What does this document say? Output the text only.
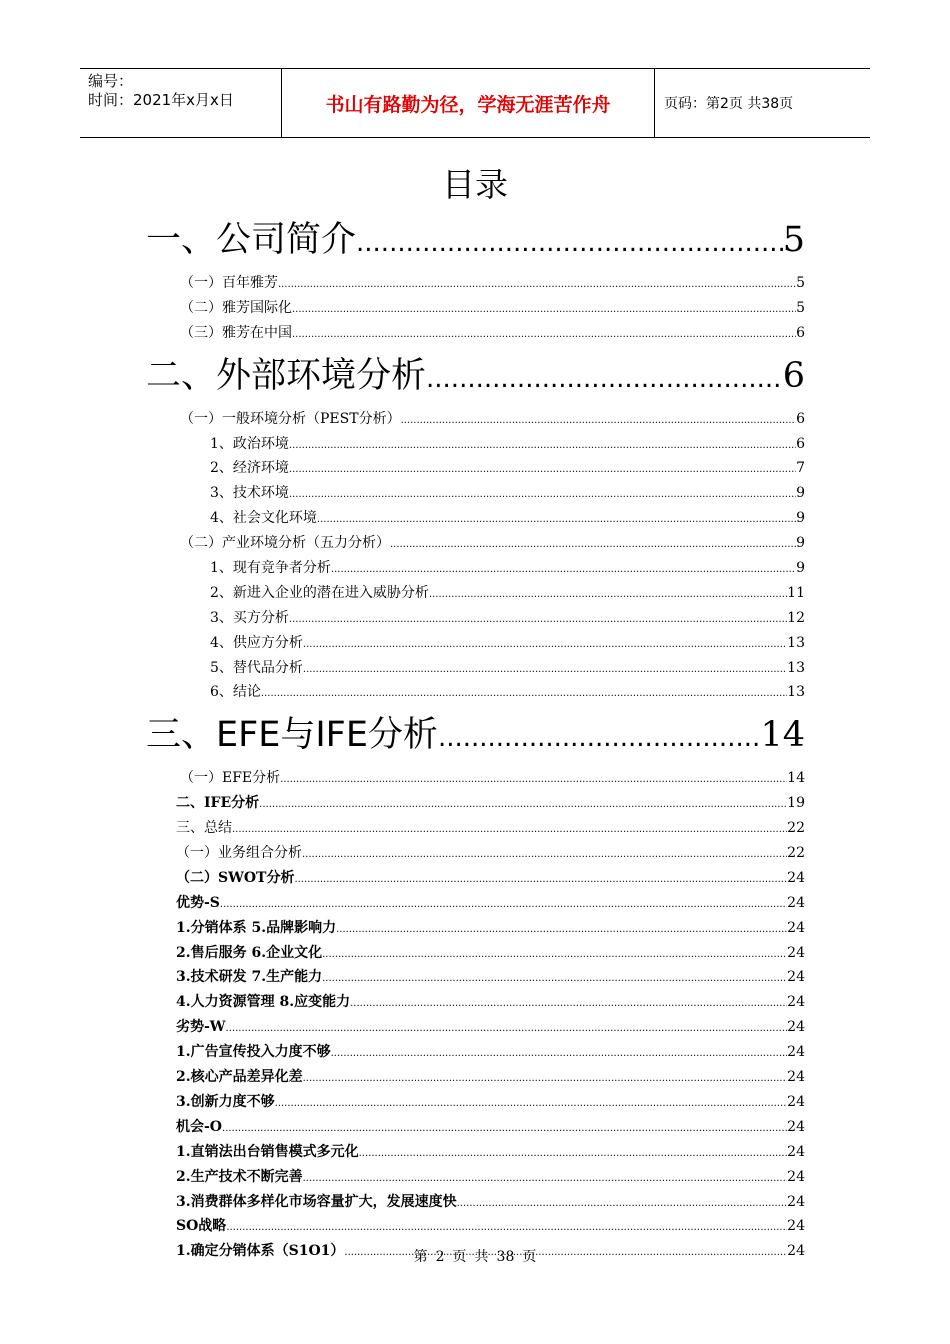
编号：
时间：2021年x月x日	书山有路勤为径，学海无涯苦作舟	页码：第2页 共38页
目录
一、公司简介 .....	5
（一）百年雅芳 .....	5
（二）雅芳国际化 .....	5
（三）雅芳在中国 .....	6
二、外部环境分析 .....	6
（一）一般环境分析（PEST分析） .....	6
1、政治环境 .....	6
2、经济环境 .....	7
3、技术环境 .....	9
4、社会文化环境 .....	9
（二）产业环境分析（五力分析） .....	9
1、现有竞争者分析 .....	9
2、新进入企业的潜在进入威胁分析 .....	11
3、买方分析 .....	12
4、供应方分析 .....	13
5、替代品分析 .....	13
6、结论 .....	13
三、EFE与IFE分析 .....	14
（一）EFE分析 .....	14
二、IFE分析 .....	19
三、总结 .....	22
（一）业务组合分析 .....	22
（二）SWOT分析 .....	24
优势-S .....	24
1.分销体系 5.品牌影响力 .....	24
2.售后服务 6.企业文化 .....	24
3.技术研发 7.生产能力 .....	24
4.人力资源管理 8.应变能力 .....	24
劣势-W .....	24
1.广告宣传投入力度不够 .....	24
2.核心产品差异化差 .....	24
3.创新力度不够 .....	24
机会-O .....	24
1.直销法出台销售模式多元化 .....	24
2.生产技术不断完善 .....	24
3.消费群体多样化市场容量扩大，发展速度快 .....	24
SO战略 .....	24
1.确定分销体系（S1O1） .....	24
第 2 页 共 38 页
